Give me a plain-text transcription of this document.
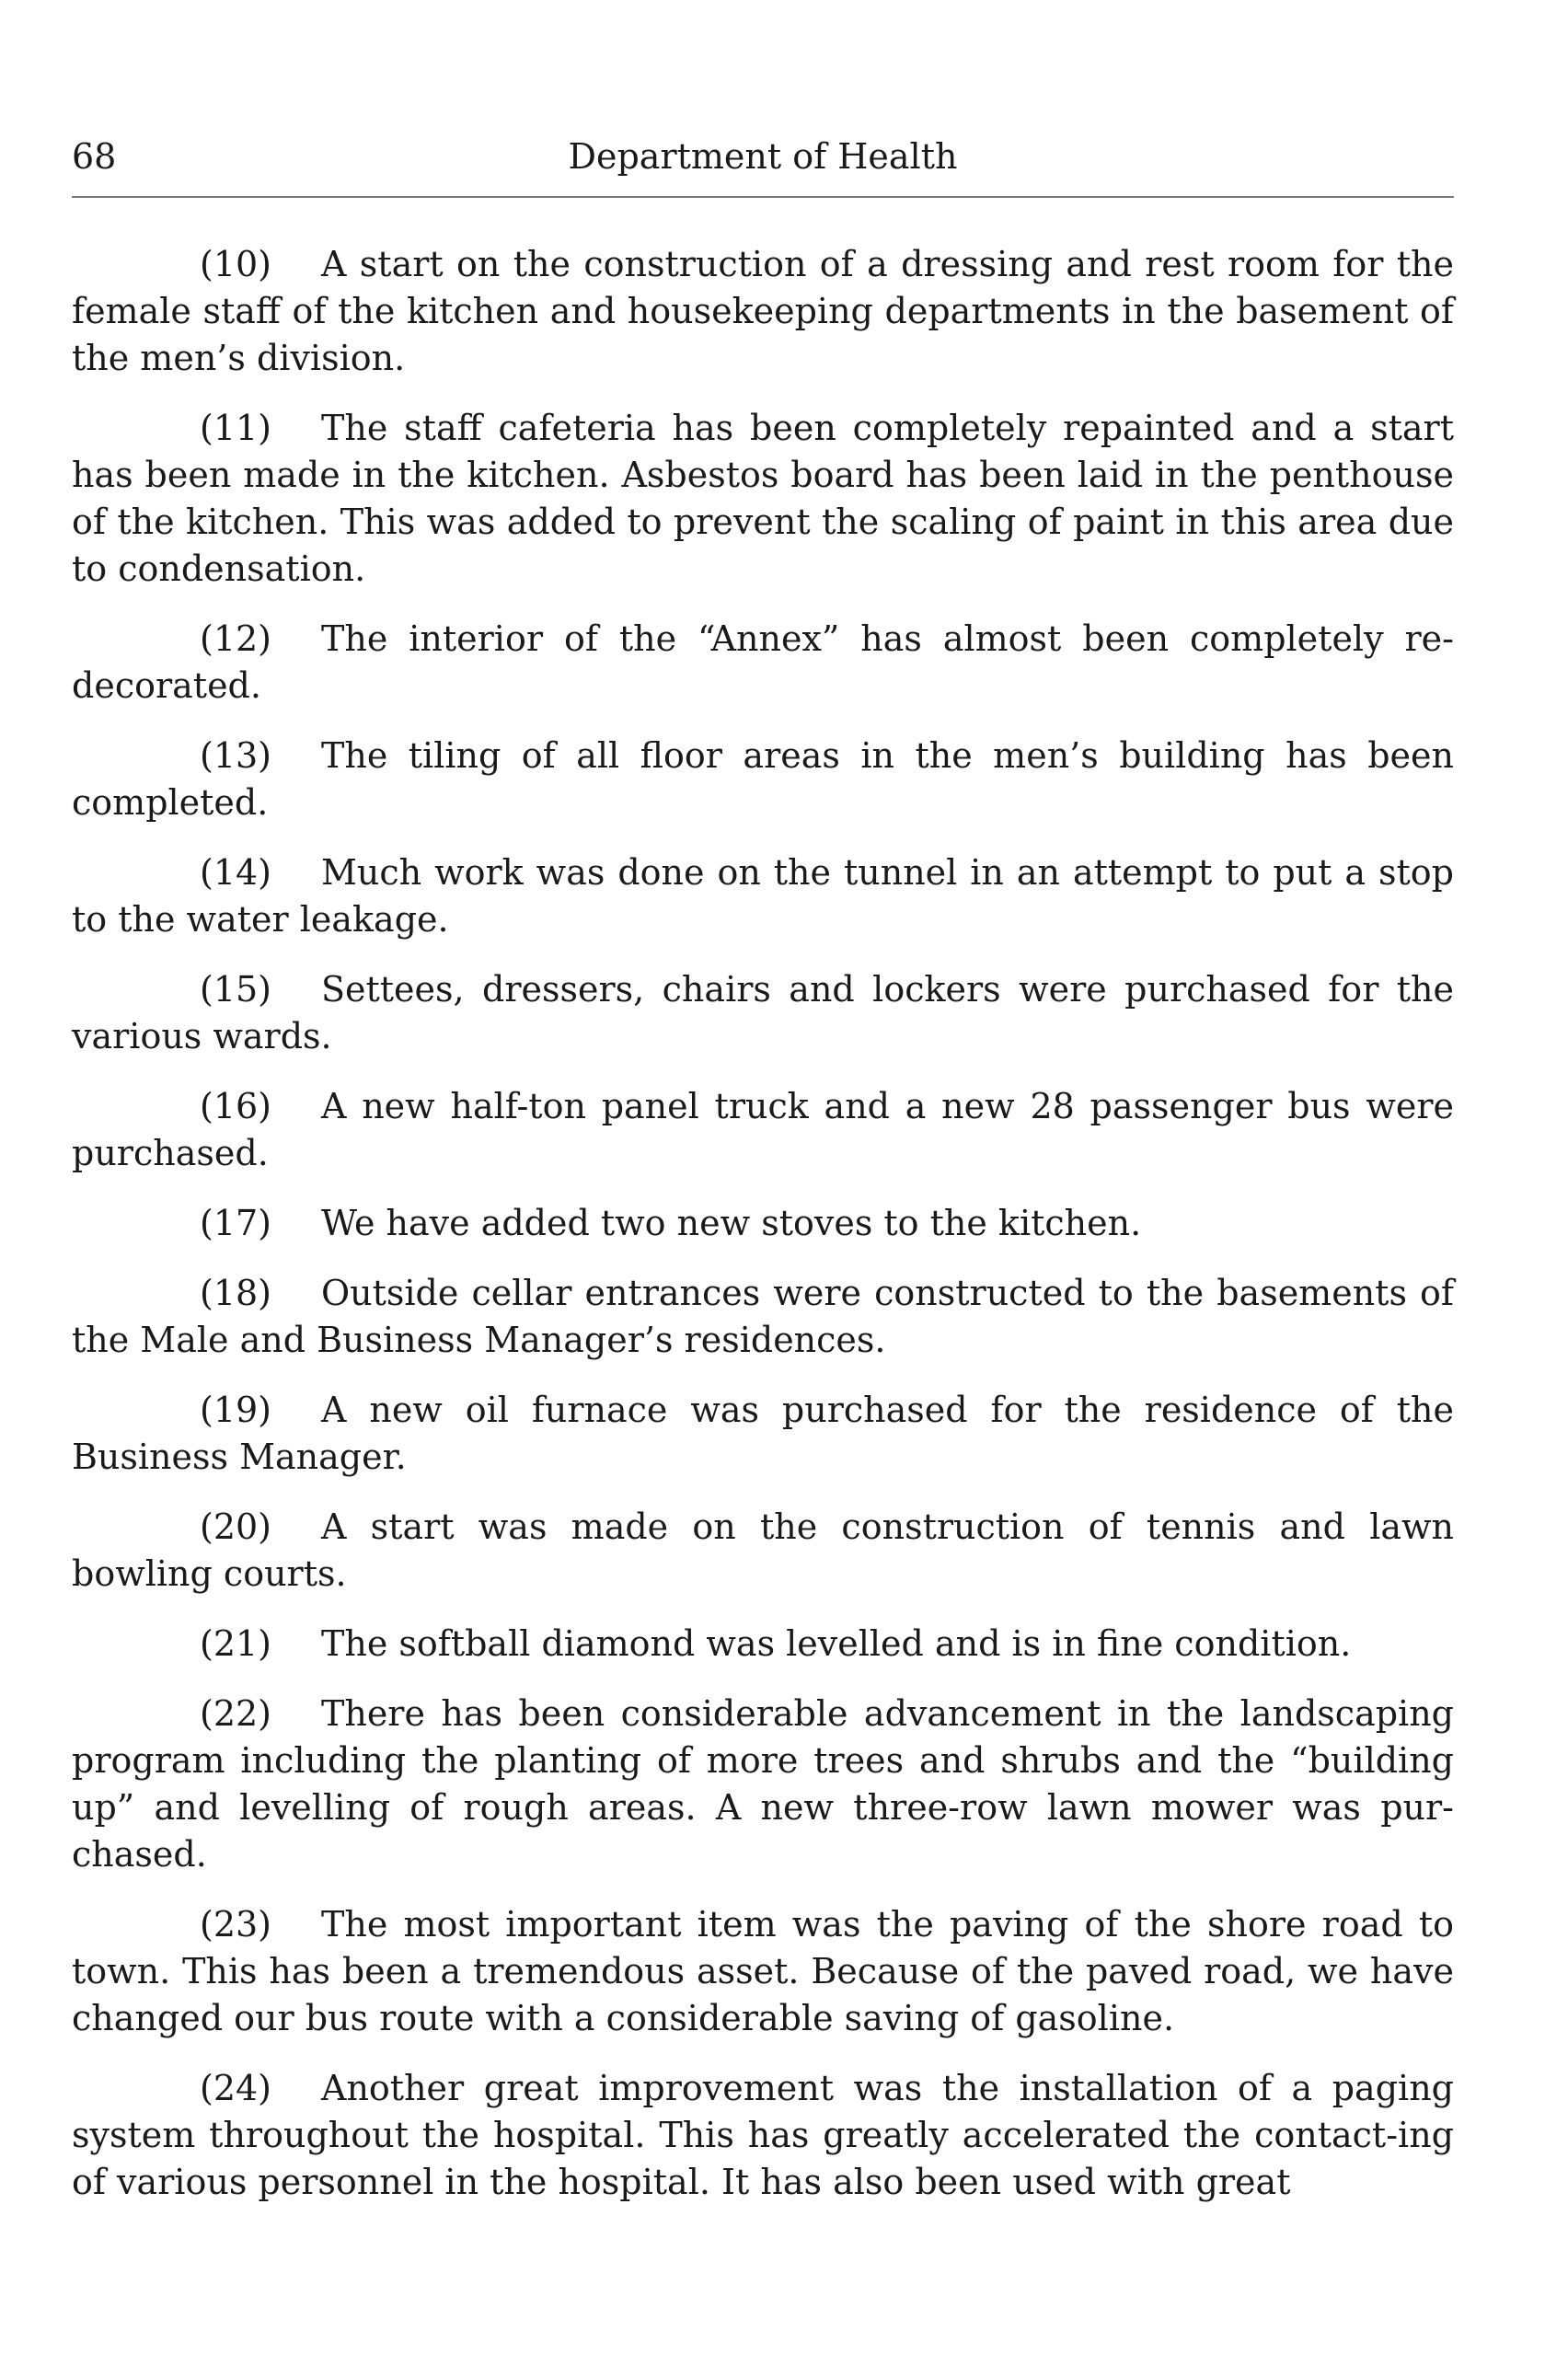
68	Department of Health

(10) A start on the construction of a dressing and rest room for the female staff of the kitchen and housekeeping departments in the basement of the men’s division.

(11) The staff cafeteria has been completely repainted and a start has been made in the kitchen. Asbestos board has been laid in the penthouse of the kitchen. This was added to prevent the scaling of paint in this area due to condensation.

(12) The interior of the “Annex” has almost been completely re-decorated.

(13) The tiling of all floor areas in the men’s building has been completed.

(14) Much work was done on the tunnel in an attempt to put a stop to the water leakage.

(15) Settees, dressers, chairs and lockers were purchased for the various wards.

(16) A new half-ton panel truck and a new 28 passenger bus were purchased.

(17) We have added two new stoves to the kitchen.

(18) Outside cellar entrances were constructed to the basements of the Male and Business Manager’s residences.

(19) A new oil furnace was purchased for the residence of the Business Manager.

(20) A start was made on the construction of tennis and lawn bowling courts.

(21) The softball diamond was levelled and is in fine condition.

(22) There has been considerable advancement in the landscaping program including the planting of more trees and shrubs and the “building up” and levelling of rough areas. A new three-row lawn mower was pur-chased.

(23) The most important item was the paving of the shore road to town. This has been a tremendous asset. Because of the paved road, we have changed our bus route with a considerable saving of gasoline.

(24) Another great improvement was the installation of a paging system throughout the hospital. This has greatly accelerated the contact-ing of various personnel in the hospital. It has also been used with great
